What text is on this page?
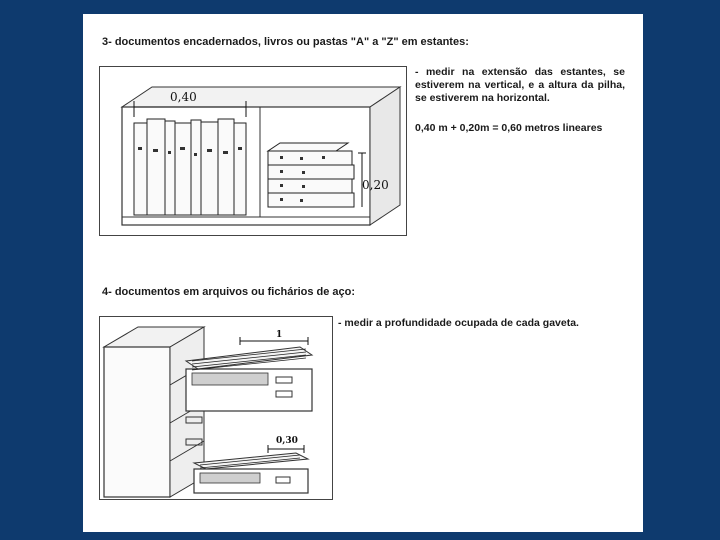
3- documentos encadernados, livros ou pastas "A" a "Z" em estantes:
0,40
0,20
- medir na extensão das estantes, se estiverem na vertical, e a altura da pilha, se estiverem na horizontal.
0,40 m + 0,20m = 0,60 metros lineares
4- documentos em arquivos ou fichários de aço:
1
0,30
- medir a profundidade ocupada de cada gaveta.
